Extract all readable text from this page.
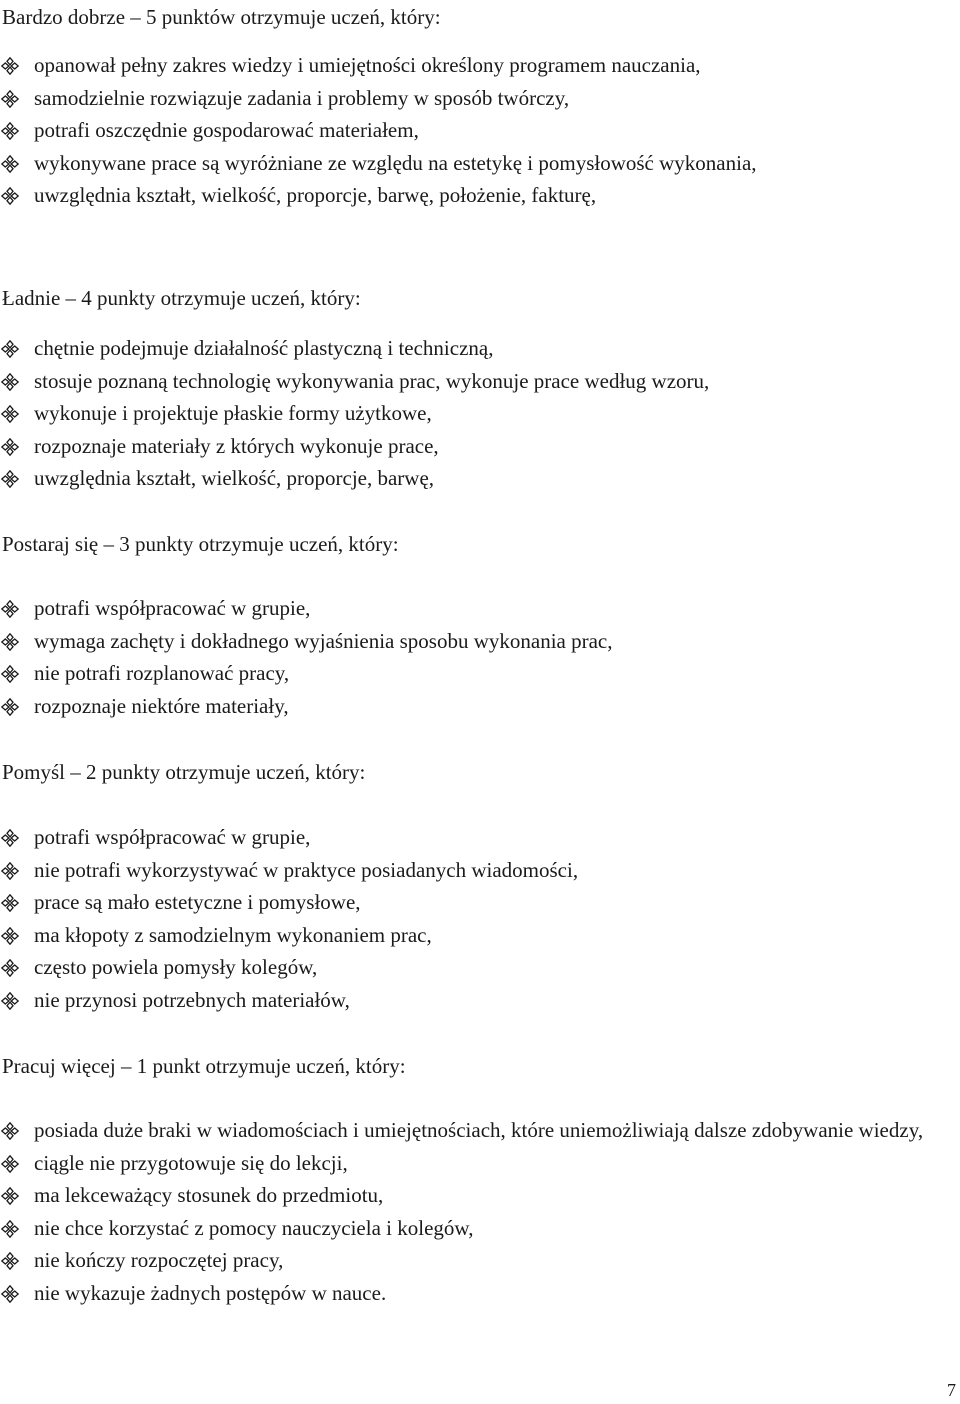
Bardzo dobrze – 5 punktów otrzymuje uczeń, który:

opanował pełny zakres wiedzy i umiejętności określony programem nauczania,
samodzielnie rozwiązuje zadania i problemy w sposób twórczy,
potrafi oszczędnie gospodarować materiałem,
wykonywane prace są wyróżniane ze względu na estetykę i pomysłowość wykonania,
uwzględnia kształt, wielkość, proporcje, barwę, położenie, fakturę,

Ładnie – 4 punkty otrzymuje uczeń, który:

chętnie podejmuje działalność plastyczną i techniczną,
stosuje poznaną technologię wykonywania prac, wykonuje prace według wzoru,
wykonuje i projektuje płaskie formy użytkowe,
rozpoznaje materiały z których wykonuje prace,
uwzględnia kształt, wielkość, proporcje, barwę,

Postaraj się – 3 punkty otrzymuje uczeń, który:

potrafi współpracować w grupie,
wymaga zachęty i dokładnego wyjaśnienia sposobu wykonania prac,
nie potrafi rozplanować pracy,
rozpoznaje niektóre materiały,

Pomyśl – 2 punkty otrzymuje uczeń, który:

potrafi współpracować w grupie,
nie potrafi wykorzystywać w praktyce posiadanych wiadomości,
prace są mało estetyczne i pomysłowe,
ma kłopoty z samodzielnym wykonaniem prac,
często powiela pomysły kolegów,
nie przynosi potrzebnych materiałów,

Pracuj więcej – 1 punkt otrzymuje uczeń, który:

posiada duże braki w wiadomościach i umiejętnościach, które uniemożliwiają dalsze zdobywanie wiedzy,
ciągle nie przygotowuje się do lekcji,
ma lekceważący stosunek do przedmiotu,
nie chce korzystać z pomocy nauczyciela i kolegów,
nie kończy rozpoczętej pracy,
nie wykazuje żadnych postępów w nauce.
7
